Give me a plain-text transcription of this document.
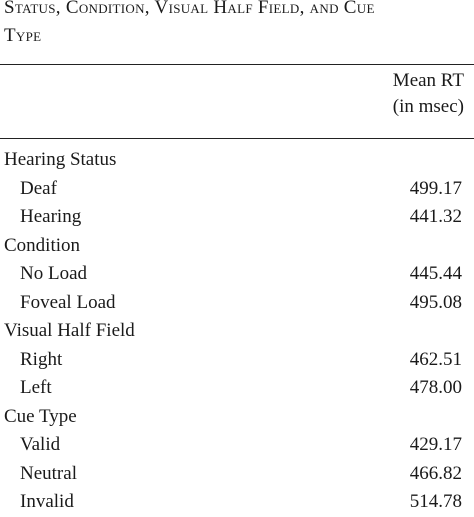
Status, Condition, Visual Half Field, and Cue
Type
Mean RT
(in msec)
Hearing Status
Deaf	499.17
Hearing	441.32
Condition
No Load	445.44
Foveal Load	495.08
Visual Half Field
Right	462.51
Left	478.00
Cue Type
Valid	429.17
Neutral	466.82
Invalid	514.78
